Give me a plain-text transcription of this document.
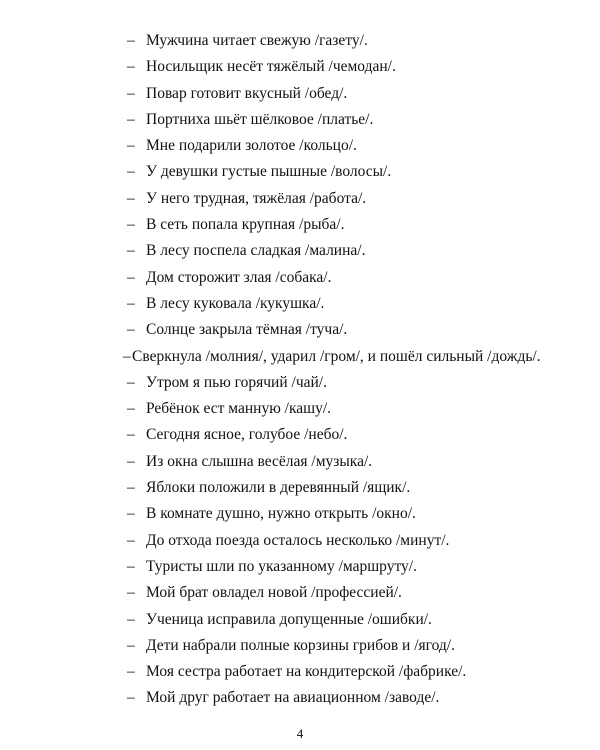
– Мужчина читает свежую /газету/.
– Носильщик несёт тяжёлый /чемодан/.
– Повар готовит вкусный /обед/.
– Портниха шьёт шёлковое /платье/.
– Мне подарили золотое /кольцо/.
– У девушки густые пышные /волосы/.
– У него трудная, тяжёлая /работа/.
– В сеть попала крупная /рыба/.
– В лесу поспела сладкая /малина/.
– Дом сторожит злая /собака/.
– В лесу куковала /кукушка/.
– Солнце закрыла тёмная /туча/.
–Сверкнула /молния/, ударил /гром/, и пошёл сильный /дождь/.
– Утром я пью горячий /чай/.
– Ребёнок ест манную /кашу/.
– Сегодня ясное, голубое /небо/.
– Из окна слышна весёлая /музыка/.
– Яблоки положили в деревянный /ящик/.
– В комнате душно, нужно открыть /окно/.
– До отхода поезда осталось несколько /минут/.
– Туристы шли по указанному /маршруту/.
– Мой брат овладел новой /профессией/.
– Ученица исправила допущенные /ошибки/.
– Дети набрали полные корзины грибов и /ягод/.
– Моя сестра работает на кондитерской /фабрике/.
– Мой друг работает на авиационном /заводе/.
4
